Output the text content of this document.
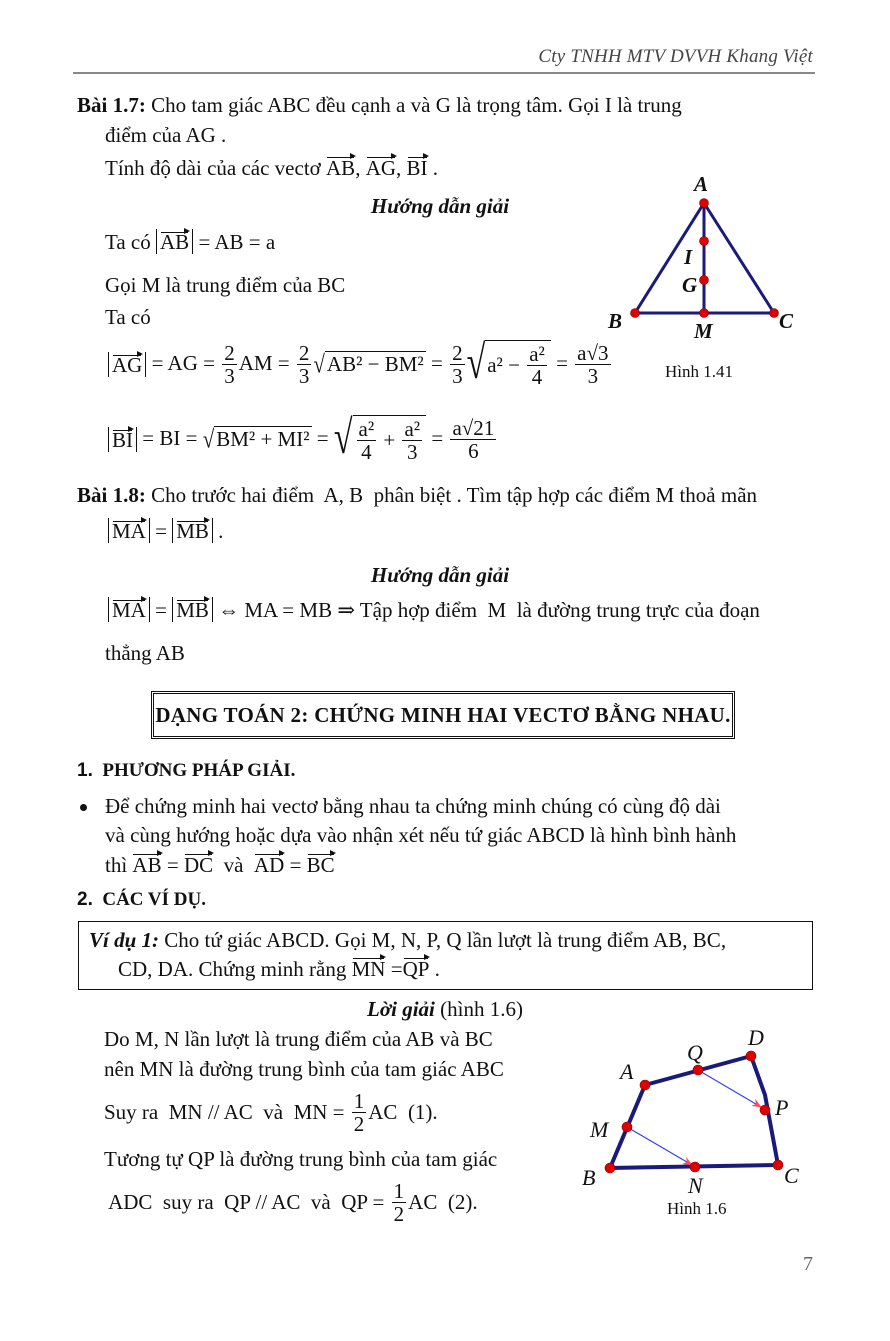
Cty TNHH MTV DVVH Khang Việt
Bài 1.7: Cho tam giác ABC đều cạnh a và G là trọng tâm. Gọi I là trung
điểm của AG .
Tính độ dài của các vectơ AB, AG, BI .
Hướng dẫn giải
Ta có AB = AB = a
Gọi M là trung điểm của BC
Ta có
AG = AG = $\frac{2}{3}$ AM = $\frac{2}{3} √AB^2 - BM^2 = \frac{2}{3}$ √ $a^2 - \frac{\text{a²}}{4} = \frac{a√3}{3}$
BI = BI = √BM² + MI² = √ $\frac{\text{a²}}{4} + \frac{\text{a²}}{3} = \frac{a√21}{6}$
A
I
G
B	M	C
Hình 1.41
Bài 1.8: Cho trước hai điểm  A, B  phân biệt . Tìm tập hợp các điểm M thoả mãn
MA = MB .
Hướng dẫn giải
MA = MB ⇔ MA = MB ⇒ Tập hợp điểm  M  là đường trung trực của đoạn
thẳng AB
DẠNG TOÁN 2: CHỨNG MINH HAI VECTƠ BẰNG NHAU.
1. PHƯƠNG PHÁP GIẢI.
Để chứng minh hai vectơ bằng nhau ta chứng minh chúng có cùng độ dài
và cùng hướng hoặc dựa vào nhận xét nếu tứ giác ABCD là hình bình hành
thì AB = DC  và  AD = BC
2. CÁC VÍ DỤ.
Ví dụ 1: Cho tứ giác ABCD. Gọi M, N, P, Q lần lượt là trung điểm AB, BC,
CD, DA. Chứng minh rằng MN =QP .
Lời giải (hình 1.6)
Do M, N lần lượt là trung điểm của AB và BC
nên MN là đường trung bình của tam giác ABC
Suy ra  MN // AC  và  MN = $\frac{1}{2}$ AC  (1).
Tương tự QP là đường trung bình của tam giác
ADC  suy ra  QP // AC  và  QP = $\frac{1}{2}$ AC  (2).
A
Q
D
P
M
B	N	C
Hình 1.6
7
